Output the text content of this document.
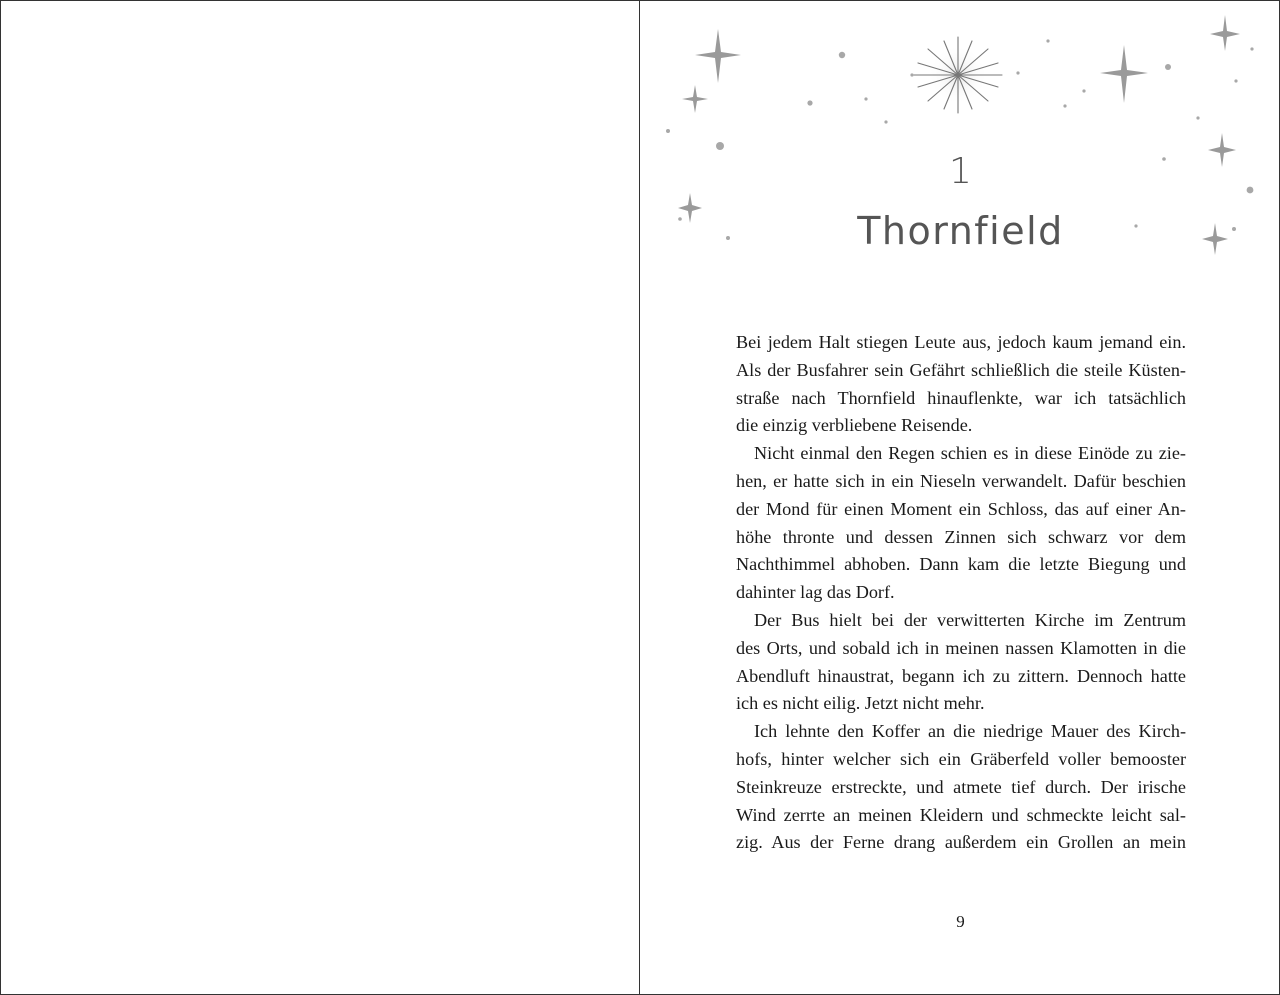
1
Thornfield
Bei jedem Halt stiegen Leute aus, jedoch kaum jemand ein.
Als der Busfahrer sein Gefährt schließlich die steile Küsten-
straße nach Thornfield hinauflenkte, war ich tatsächlich
die einzig verbliebene Reisende.
Nicht einmal den Regen schien es in diese Einöde zu zie-
hen, er hatte sich in ein Nieseln verwandelt. Dafür beschien
der Mond für einen Moment ein Schloss, das auf einer An-
höhe thronte und dessen Zinnen sich schwarz vor dem
Nachthimmel abhoben. Dann kam die letzte Biegung und
dahinter lag das Dorf.
Der Bus hielt bei der verwitterten Kirche im Zentrum
des Orts, und sobald ich in meinen nassen Klamotten in die
Abendluft hinaustrat, begann ich zu zittern. Dennoch hatte
ich es nicht eilig. Jetzt nicht mehr.
Ich lehnte den Koffer an die niedrige Mauer des Kirch-
hofs, hinter welcher sich ein Gräberfeld voller bemooster
Steinkreuze erstreckte, und atmete tief durch. Der irische
Wind zerrte an meinen Kleidern und schmeckte leicht sal-
zig. Aus der Ferne drang außerdem ein Grollen an mein
9
